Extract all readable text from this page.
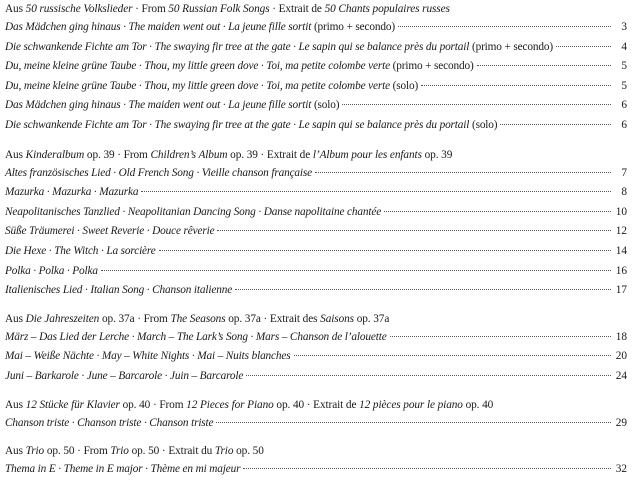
Aus 50 russische Volkslieder · From 50 Russian Folk Songs · Extrait de 50 Chants populaires russes
Das Mädchen ging hinaus · The maiden went out · La jeune fille sortit (primo + secondo)	3
Die schwankende Fichte am Tor · The swaying fir tree at the gate · Le sapin qui se balance près du portail (primo + secondo)	4
Du, meine kleine grüne Taube · Thou, my little green dove · Toi, ma petite colombe verte (primo + secondo)	5
Du, meine kleine grüne Taube · Thou, my little green dove · Toi, ma petite colombe verte (solo)	5
Das Mädchen ging hinaus · The maiden went out · La jeune fille sortit (solo)	6
Die schwankende Fichte am Tor · The swaying fir tree at the gate · Le sapin qui se balance près du portail (solo)	6
Aus Kinderalbum op. 39 · From Children’s Album op. 39 · Extrait de l’Album pour les enfants op. 39
Altes französisches Lied · Old French Song · Vieille chanson française	7
Mazurka · Mazurka · Mazurka	8
Neapolitanisches Tanzlied · Neapolitanian Dancing Song · Danse napolitaine chantée	10
Süße Träumerei · Sweet Reverie · Douce rêverie	12
Die Hexe · The Witch · La sorcière	14
Polka · Polka · Polka	16
Italienisches Lied · Italian Song · Chanson italienne	17
Aus Die Jahreszeiten op. 37a · From The Seasons op. 37a · Extrait des Saisons op. 37a
März – Das Lied der Lerche · March – The Lark’s Song · Mars – Chanson de l’alouette	18
Mai – Weiße Nächte · May – White Nights · Mai – Nuits blanches	20
Juni – Barkarole · June – Barcarole · Juin – Barcarole	24
Aus 12 Stücke für Klavier op. 40 · From 12 Pieces for Piano op. 40 · Extrait de 12 pièces pour le piano op. 40
Chanson triste · Chanson triste · Chanson triste	29
Aus Trio op. 50 · From Trio op. 50 · Extrait du Trio op. 50
Thema in E · Theme in E major · Thème en mi majeur	32
